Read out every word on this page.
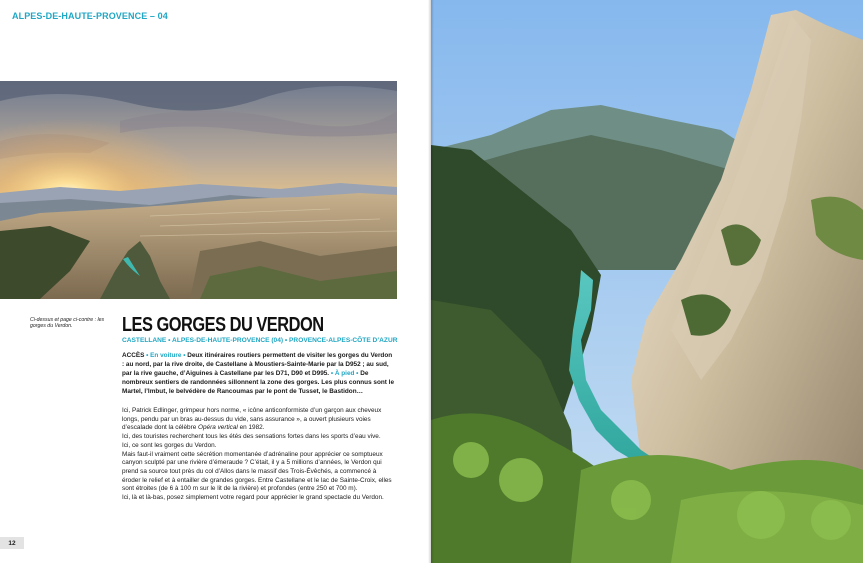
ALPES-DE-HAUTE-PROVENCE – 04
Ci-dessus et page ci-contre : les gorges du Verdon.	LES GORGES DU VERDON
CASTELLANE • ALPES-DE-HAUTE-PROVENCE (04) • PROVENCE-ALPES-CÔTE D’AZUR
ACCÈS • En voiture • Deux itinéraires routiers permettent de visiter les gorges du Verdon : au nord, par la rive droite, de Castellane à Moustiers-Sainte-Marie par la D952 ; au sud, par la rive gauche, d’Aiguines à Castellane par les D71, D90 et D995. • À pied • De nombreux sentiers de randonnées sillonnent la zone des gorges. Les plus connus sont le Martel, l’Imbut, le belvédère de Rancoumas par le pont de Tusset, le Bastidon…

Ici, Patrick Edlinger, grimpeur hors norme, « icône anticonformiste d’un garçon aux cheveux longs, pendu par un bras au-dessus du vide, sans assurance », a ouvert plusieurs voies d’escalade dont la célèbre Opéra vertical en 1982.

Ici, des touristes recherchent tous les étés des sensations fortes dans les sports d’eau vive.

Ici, ce sont les gorges du Verdon.

Mais faut-il vraiment cette sécrétion momentanée d’adrénaline pour apprécier ce somptueux canyon sculpté par une rivière d’émeraude ? C’était, il y a 5 millions d’années, le Verdon qui prend sa source tout près du col d’Allos dans le massif des Trois-Évêchés, a commencé à éroder le relief et à entailler de grandes gorges. Entre Castellane et le lac de Sainte-Croix, elles sont étroites (de 6 à 100 m sur le lit de la rivière) et profondes (entre 250 et 700 m).

Ici, là et là-bas, posez simplement votre regard pour apprécier le grand spectacle du Verdon.

12
